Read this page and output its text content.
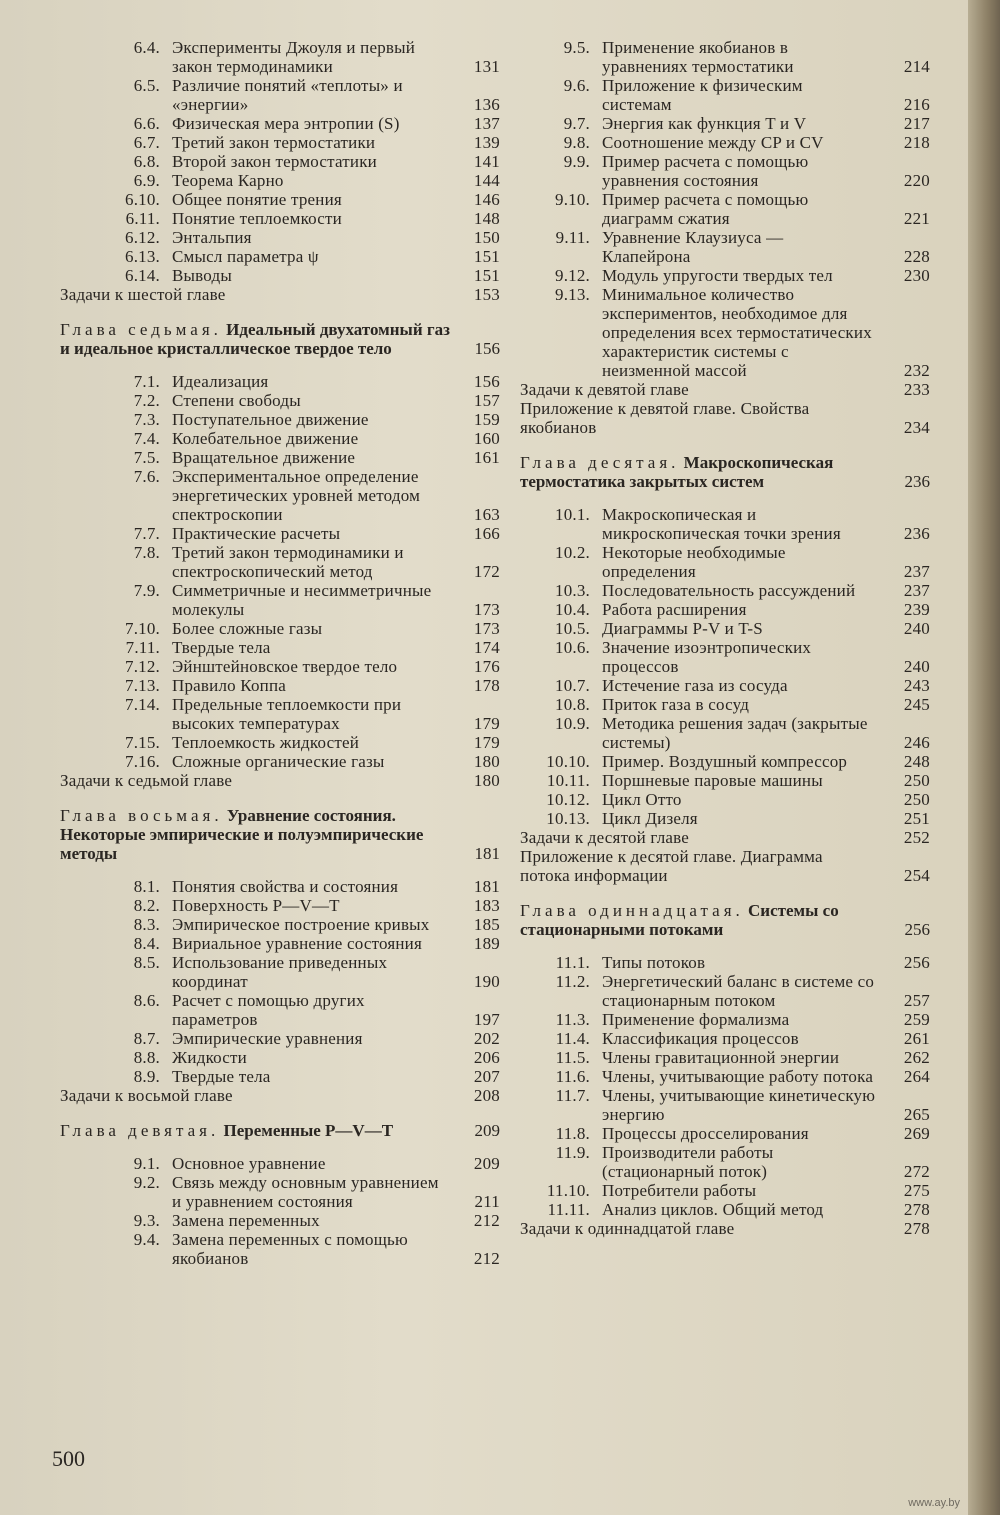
6.4. Эксперименты Джоуля и первый закон термодинамики	131
6.5. Различие понятий «теплоты» и «энергии»	136
6.6. Физическая мера энтропии (S)	137
6.7. Третий закон термостатики	139
6.8. Второй закон термостатики	141
6.9. Теорема Карно	144
6.10. Общее понятие трения	146
6.11. Понятие теплоемкости	148
6.12. Энтальпия	150
6.13. Смысл параметра ψ	151
6.14. Выводы	151
Задачи к шестой главе	153
Глава седьмая. Идеальный двухатомный газ и идеальное кристаллическое твердое тело	156
7.1. Идеализация	156
7.2. Степени свободы	157
7.3. Поступательное движение	159
7.4. Колебательное движение	160
7.5. Вращательное движение	161
7.6. Экспериментальное определение энергетических уровней методом спектроскопии	163
7.7. Практические расчеты	166
7.8. Третий закон термодинамики и спектроскопический метод	172
7.9. Симметричные и несимметричные молекулы	173
7.10. Более сложные газы	173
7.11. Твердые тела	174
7.12. Эйнштейновское твердое тело	176
7.13. Правило Коппа	178
7.14. Предельные теплоемкости при высоких температурах	179
7.15. Теплоемкость жидкостей	179
7.16. Сложные органические газы	180
Задачи к седьмой главе	180
Глава восьмая. Уравнение состояния. Некоторые эмпирические и полуэмпирические методы	181
8.1. Понятия свойства и состояния	181
8.2. Поверхность P—V—T	183
8.3. Эмпирическое построение кривых	185
8.4. Вириальное уравнение состояния	189
8.5. Использование приведенных координат	190
8.6. Расчет с помощью других параметров	197
8.7. Эмпирические уравнения	202
8.8. Жидкости	206
8.9. Твердые тела	207
Задачи к восьмой главе	208
Глава девятая. Переменные P—V—T	209
9.1. Основное уравнение	209
9.2. Связь между основным уравнением и уравнением состояния	211
9.3. Замена переменных	212
9.4. Замена переменных с помощью якобианов	212
9.5. Применение якобианов в уравнениях термостатики	214
9.6. Приложение к физическим системам	216
9.7. Энергия как функция T и V	217
9.8. Соотношение между CP и CV	218
9.9. Пример расчета с помощью уравнения состояния	220
9.10. Пример расчета с помощью диаграмм сжатия	221
9.11. Уравнение Клаузиуса — Клапейрона	228
9.12. Модуль упругости твердых тел	230
9.13. Минимальное количество экспериментов, необходимое для определения всех термостатических характеристик системы с неизменной массой	232
Задачи к девятой главе	233
Приложение к девятой главе. Свойства якобианов	234
Глава десятая. Макроскопическая термостатика закрытых систем	236
10.1. Макроскопическая и микроскопическая точки зрения	236
10.2. Некоторые необходимые определения	237
10.3. Последовательность рассуждений	237
10.4. Работа расширения	239
10.5. Диаграммы P-V и T-S	240
10.6. Значение изоэнтропических процессов	240
10.7. Истечение газа из сосуда	243
10.8. Приток газа в сосуд	245
10.9. Методика решения задач (закрытые системы)	246
10.10. Пример. Воздушный компрессор	248
10.11. Поршневые паровые машины	250
10.12. Цикл Отто	250
10.13. Цикл Дизеля	251
Задачи к десятой главе	252
Приложение к десятой главе. Диаграмма потока информации	254
Глава одиннадцатая. Системы со стационарными потоками	256
11.1. Типы потоков	256
11.2. Энергетический баланс в системе со стационарным потоком	257
11.3. Применение формализма	259
11.4. Классификация процессов	261
11.5. Члены гравитационной энергии	262
11.6. Члены, учитывающие работу потока 264
11.7. Члены, учитывающие кинетическую энергию	265
11.8. Процессы дросселирования	269
11.9. Производители работы (стационарный поток)	272
11.10. Потребители работы	275
11.11. Анализ циклов. Общий метод	278
Задачи к одиннадцатой главе	278
500
www.ay.by
